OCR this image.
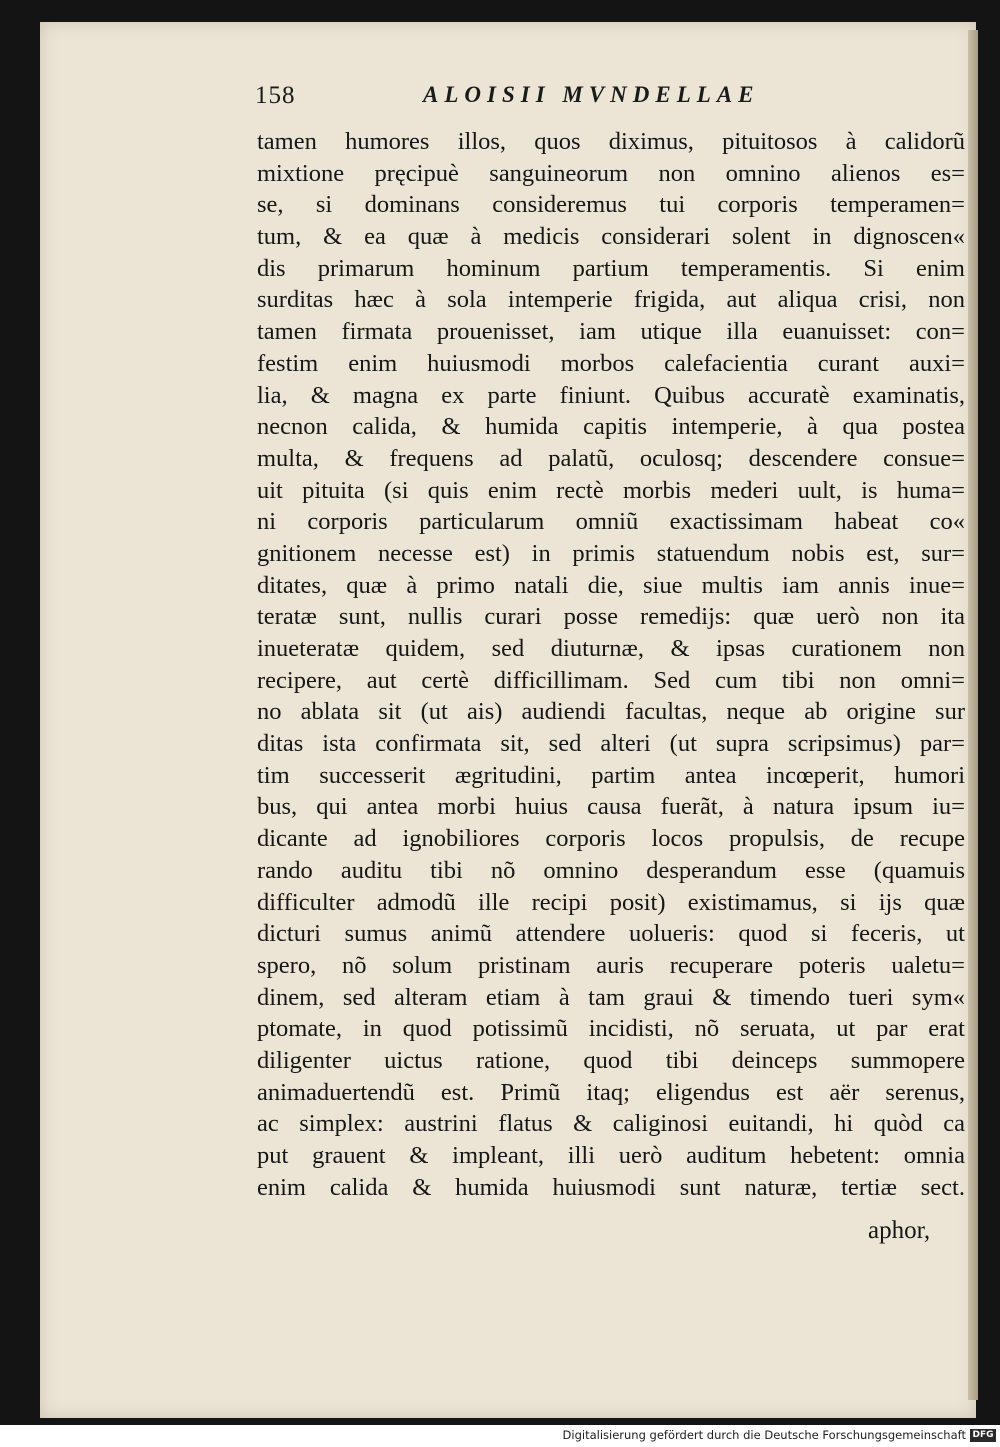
158	ALOISII MVNDELLAE
tamen humores illos, quos diximus, pituitosos à calidorũ
mixtione pręcipuè sanguineorum non omnino alienos es=
se, si dominans consideremus tui corporis temperamen=
tum, & ea quæ à medicis considerari solent in dignoscen«
dis primarum hominum partium temperamentis. Si enim
surditas hæc à sola intemperie frigida, aut aliqua crisi, non
tamen firmata prouenisset, iam utique illa euanuisset: con=
festim enim huiusmodi morbos calefacientia curant auxi=
lia, & magna ex parte finiunt. Quibus accuratè examinatis,
necnon calida, & humida capitis intemperie, à qua postea
multa, & frequens ad palatũ, oculosq; descendere consue=
uit pituita (si quis enim rectè morbis mederi uult, is huma=
ni corporis particularum omniũ exactissimam habeat co«
gnitionem necesse est) in primis statuendum nobis est, sur=
ditates, quæ à primo natali die, siue multis iam annis inue=
teratæ sunt, nullis curari posse remedijs: quæ uerò non ita
inueteratæ quidem, sed diuturnæ, & ipsas curationem non
recipere, aut certè difficillimam. Sed cum tibi non omni=
no ablata sit (ut ais) audiendi facultas, neque ab origine sur
ditas ista confirmata sit, sed alteri (ut supra scripsimus) par=
tim successerit ægritudini, partim antea incœperit, humori
bus, qui antea morbi huius causa fuerãt, à natura ipsum iu=
dicante ad ignobiliores corporis locos propulsis, de recupe
rando auditu tibi nõ omnino desperandum esse (quamuis
difficulter admodũ ille recipi posit) existimamus, si ijs quæ
dicturi sumus animũ attendere uolueris: quod si feceris, ut
spero, nõ solum pristinam auris recuperare poteris ualetu=
dinem, sed alteram etiam à tam graui & timendo tueri sym«
ptomate, in quod potissimũ incidisti, nõ seruata, ut par erat
diligenter uictus ratione, quod tibi deinceps summopere
animaduertendũ est. Primũ itaq; eligendus est aër serenus,
ac simplex: austrini flatus & caliginosi euitandi, hi quòd ca
put grauent & impleant, illi uerò auditum hebetent: omnia
enim calida & humida huiusmodi sunt naturæ, tertiæ sect.
aphor,
Digitalisierung gefördert durch die Deutsche Forschungsgemeinschaft DFG
